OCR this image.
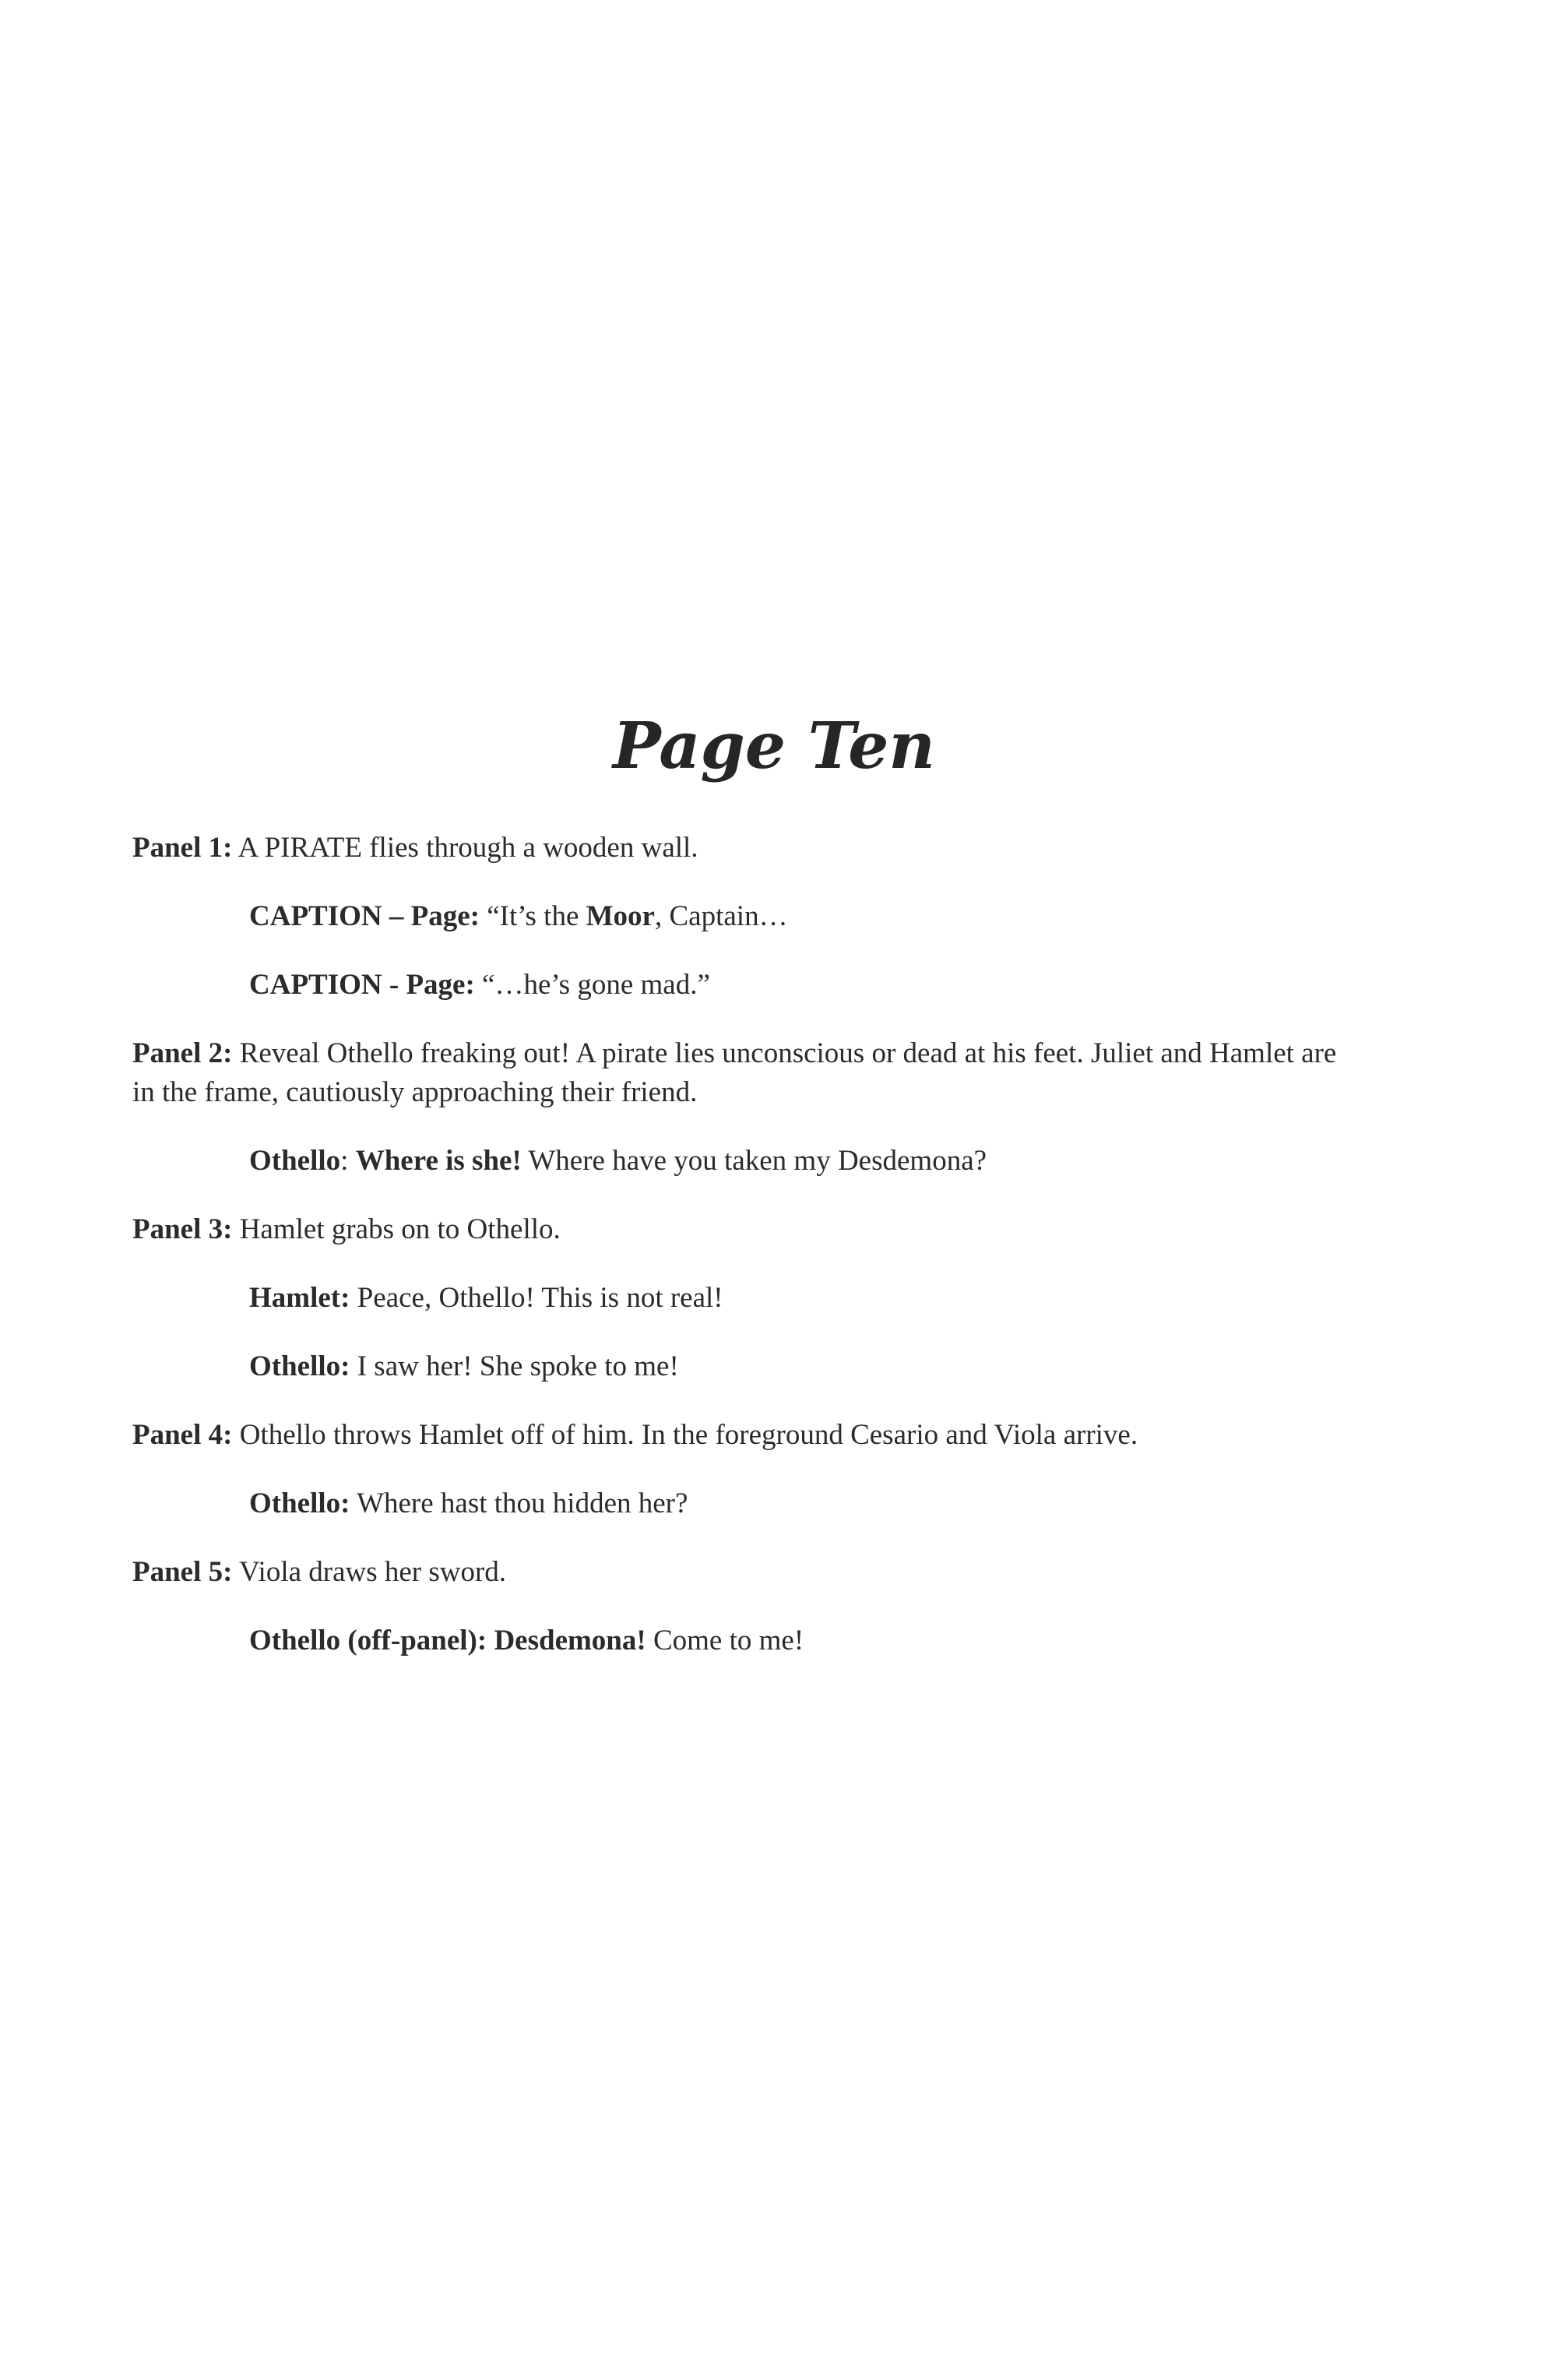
Page Ten

Panel 1: A PIRATE flies through a wooden wall.

CAPTION – Page: “It’s the Moor, Captain…

CAPTION - Page: “…he’s gone mad.”

Panel 2: Reveal Othello freaking out! A pirate lies unconscious or dead at his feet. Juliet and Hamlet are in the frame, cautiously approaching their friend.

Othello: Where is she! Where have you taken my Desdemona?

Panel 3: Hamlet grabs on to Othello.

Hamlet: Peace, Othello! This is not real!

Othello: I saw her! She spoke to me!

Panel 4: Othello throws Hamlet off of him. In the foreground Cesario and Viola arrive.

Othello: Where hast thou hidden her?

Panel 5: Viola draws her sword.

Othello (off-panel): Desdemona! Come to me!
